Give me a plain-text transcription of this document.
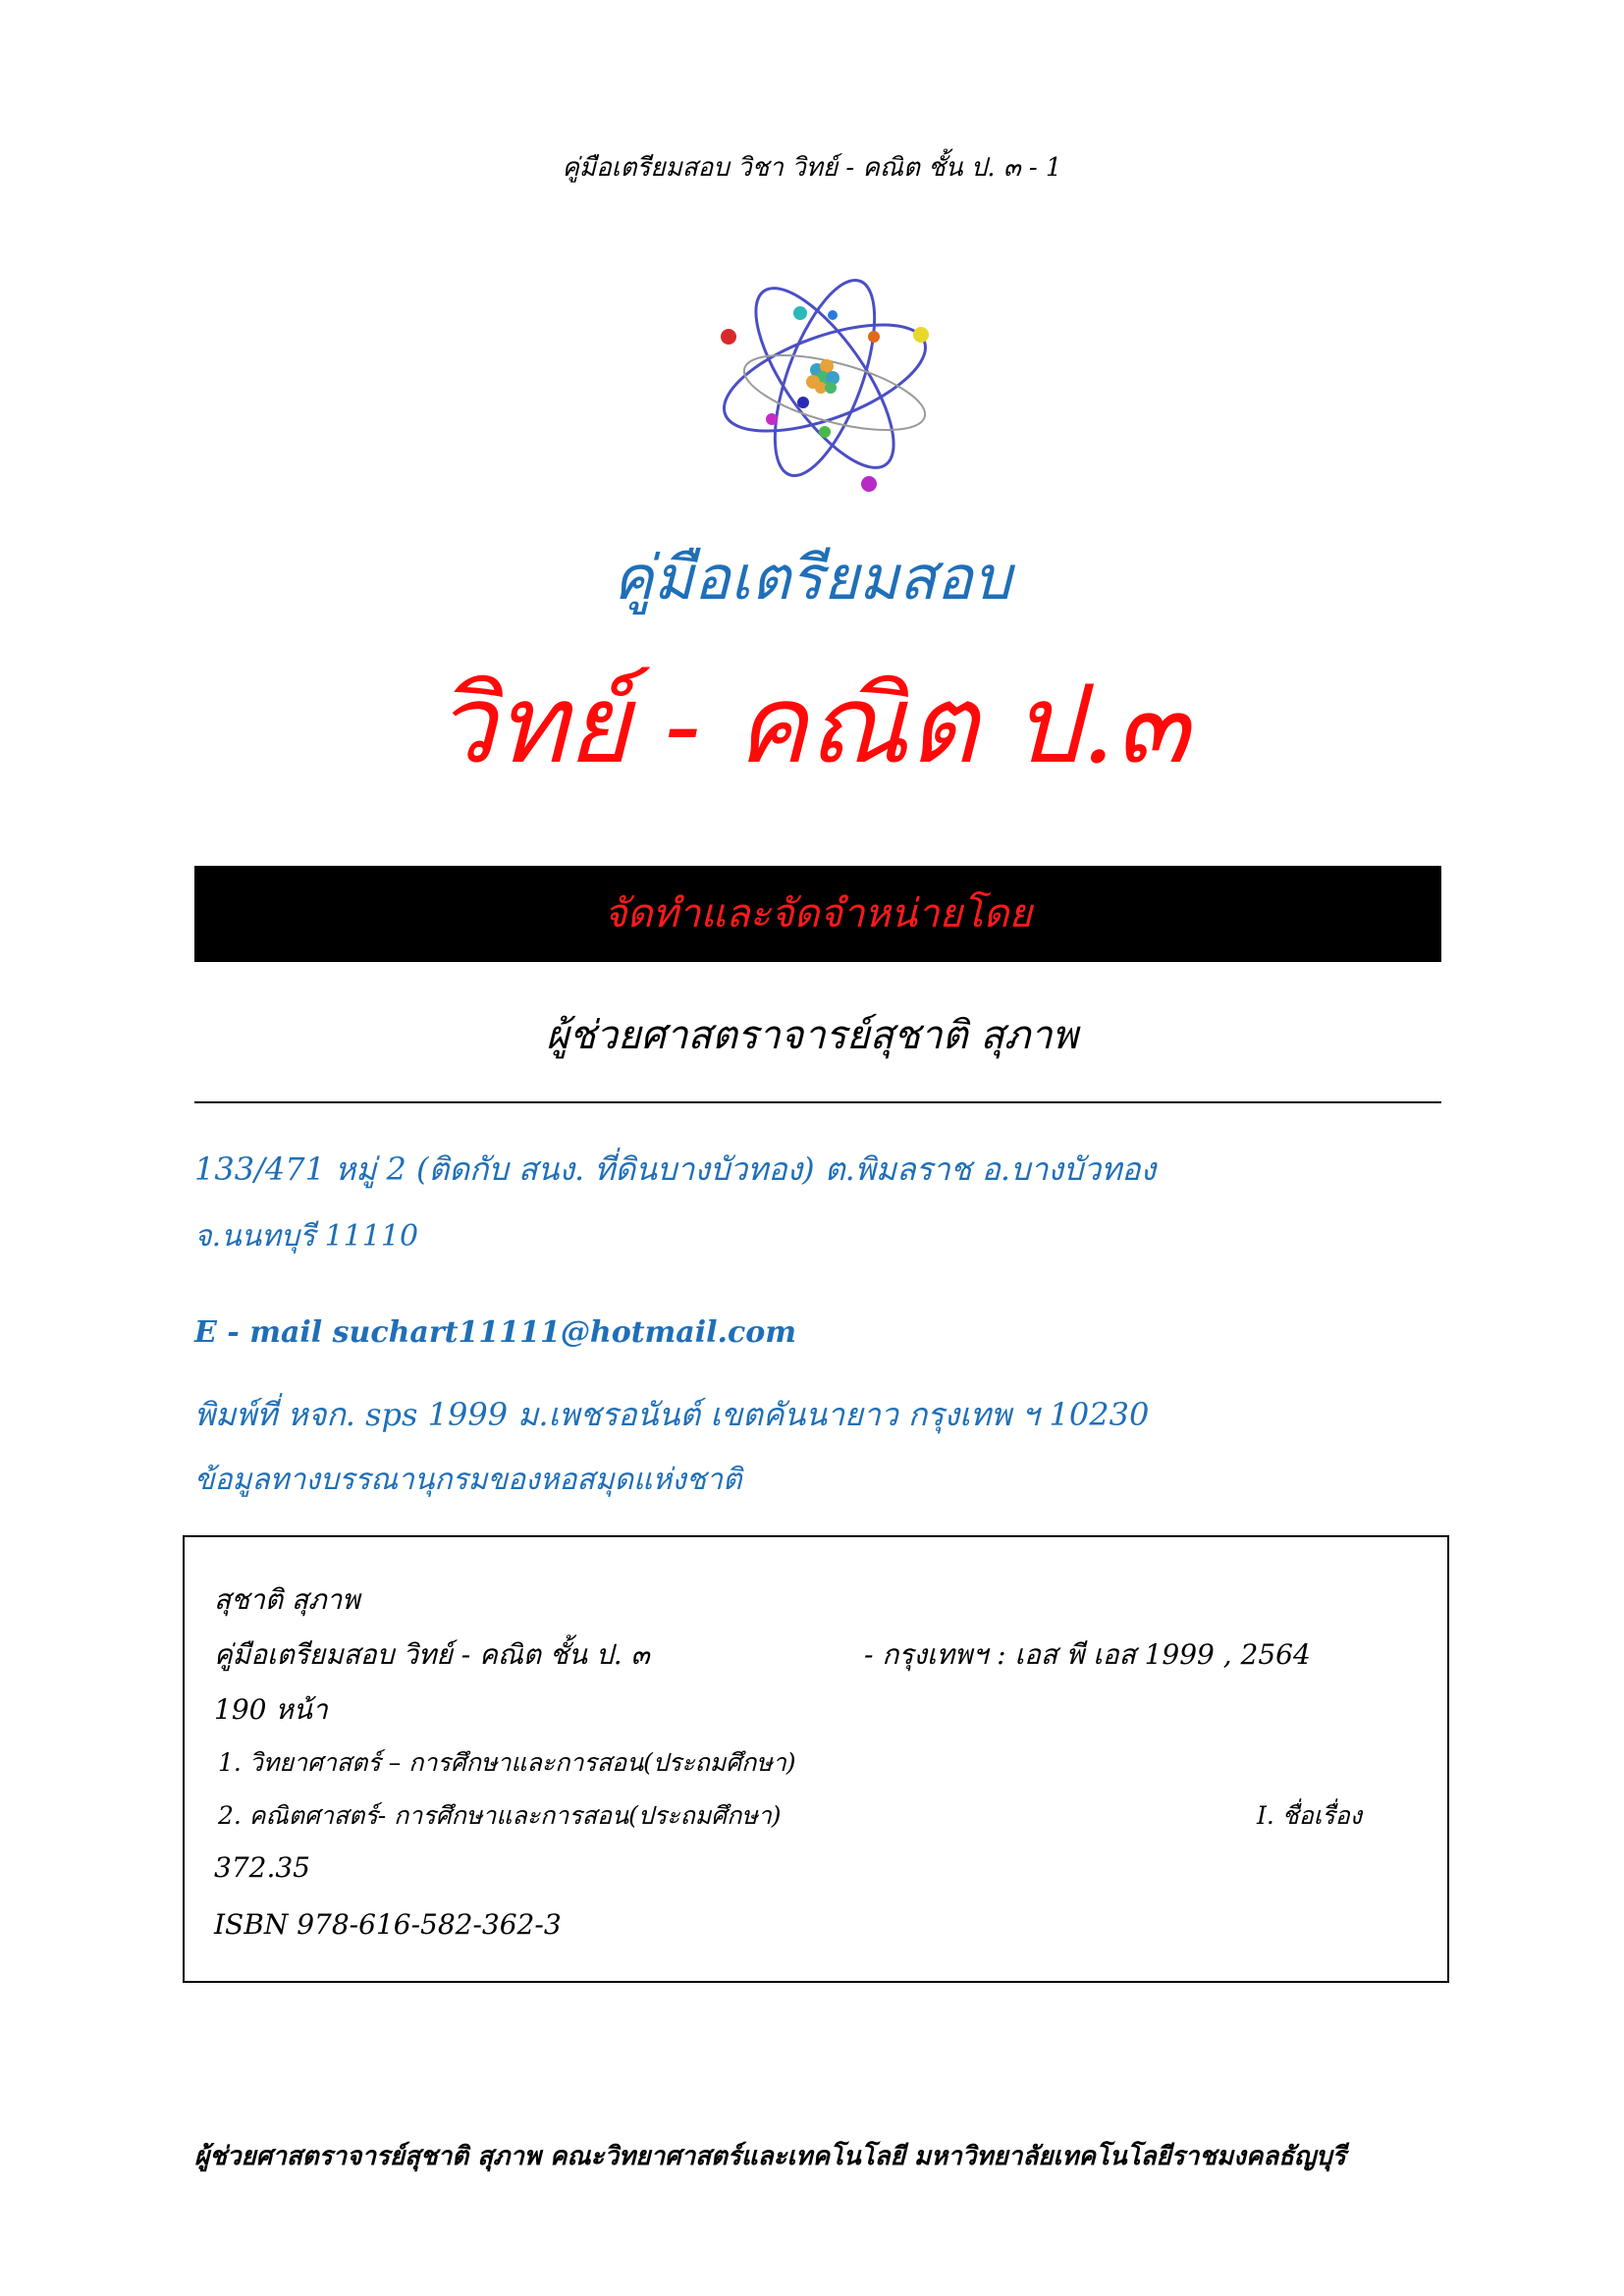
คู่มือเตรียมสอบ วิชา วิทย์ - คณิต ชั้น ป. ๓ - 1
คู่มือเตรียมสอบ
วิทย์ - คณิต ป.๓
จัดทำและจัดจำหน่ายโดย
ผู้ช่วยศาสตราจารย์สุชาติ สุภาพ
133/471 หมู่ 2 (ติดกับ สนง. ที่ดินบางบัวทอง) ต.พิมลราช อ.บางบัวทอง
จ.นนทบุรี 11110
E - mail suchart11111@hotmail.com
พิมพ์ที่ หจก. sps 1999 ม.เพชรอนันต์ เขตคันนายาว กรุงเทพ ฯ 10230
ข้อมูลทางบรรณานุกรมของหอสมุดแห่งชาติ
สุชาติ สุภาพ
คู่มือเตรียมสอบ วิทย์ - คณิต ชั้น ป. ๓	- กรุงเทพฯ : เอส พี เอส 1999 , 2564
190 หน้า
1. วิทยาศาสตร์ – การศึกษาและการสอน(ประถมศึกษา)
2. คณิตศาสตร์- การศึกษาและการสอน(ประถมศึกษา)	I. ชื่อเรื่อง
372.35
ISBN 978-616-582-362-3
ผู้ช่วยศาสตราจารย์สุชาติ สุภาพ คณะวิทยาศาสตร์และเทคโนโลยี มหาวิทยาลัยเทคโนโลยีราชมงคลธัญบุรี
